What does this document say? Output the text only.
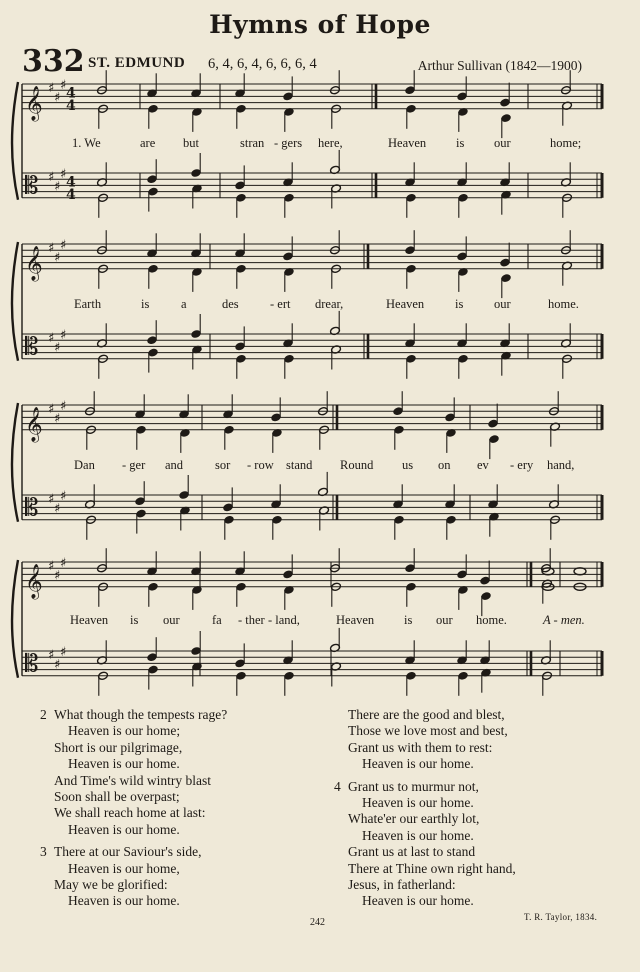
Hymns of Hope
332 ST. EDMUND 6, 4, 6, 4, 6, 6, 6, 4	Arthur Sullivan (1842—1900)
𝄞
𝄡
♯
♯
♯
♯
♯
♯
4
4
4
4
𝄞
𝄡
♯
♯
♯
♯
♯
♯
𝄞
𝄡
♯
♯
♯
♯
♯
♯
𝄞
𝄡
♯
♯
♯
♯
♯
♯
1. We	are but	stran - gers here,	Heaven is our	home;
Earth	is	a	des	- ert drear,	Heaven is our	home.
Dan - ger and	sor - row stand Round us on ev - ery hand,
Heaven is our	fa - ther - land,	Heaven is our home.	A - men.
2 What though the tempests rage?
Heaven is our home;
Short is our pilgrimage,
Heaven is our home.
And Time's wild wintry blast
Soon shall be overpast;
We shall reach home at last:
Heaven is our home.
3 There at our Saviour's side,
Heaven is our home,
May we be glorified:
Heaven is our home.
There are the good and blest,
Those we love most and best,
Grant us with them to rest:
Heaven is our home.
4 Grant us to murmur not,
Heaven is our home.
Whate'er our earthly lot,
Heaven is our home.
Grant us at last to stand
There at Thine own right hand,
Jesus, in fatherland:
Heaven is our home.
242	T. R. Taylor, 1834.
